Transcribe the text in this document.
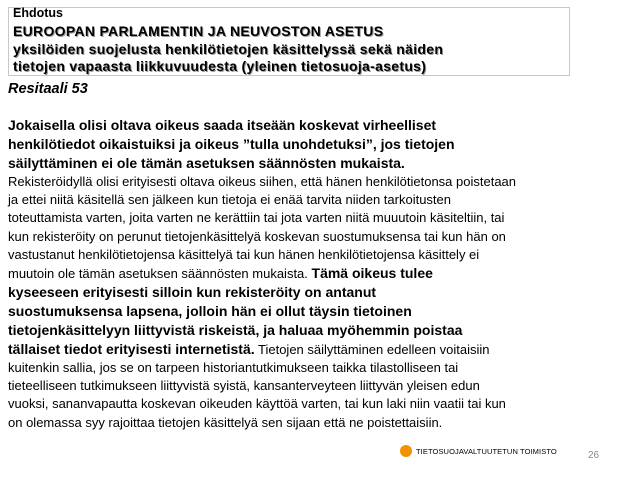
Ehdotus
EUROOPAN PARLAMENTIN JA NEUVOSTON ASETUS
yksilöiden suojelusta henkilötietojen käsittelyssä sekä näiden
tietojen vapaasta liikkuvuudesta (yleinen tietosuoja-asetus)
Resitaali 53
Jokaisella olisi oltava oikeus saada itseään koskevat virheelliset
henkilötiedot oikaistuiksi ja oikeus ”tulla unohdetuksi”, jos tietojen
säilyttäminen ei ole tämän asetuksen säännösten mukaista.
Rekisteröidyllä olisi erityisesti oltava oikeus siihen, että hänen henkilötietonsa poistetaan
ja ettei niitä käsitellä sen jälkeen kun tietoja ei enää tarvita niiden tarkoitusten
toteuttamista varten, joita varten ne kerättiin tai jota varten niitä muuutoin käsiteltiin, tai
kun rekisteröity on perunut tietojenkäsittelyä koskevan suostumuksensa tai kun hän on
vastustanut henkilötietojensa käsittelyä tai kun hänen henkilötietojensa käsittely ei
muutoin ole tämän asetuksen säännösten mukaista. Tämä oikeus tulee
kyseeseen erityisesti silloin kun rekisteröity on antanut
suostumuksensa lapsena, jolloin hän ei ollut täysin tietoinen
tietojenkäsittelyyn liittyvistä riskeistä, ja haluaa myöhemmin poistaa
tällaiset tiedot erityisesti internetistä. Tietojen säilyttäminen edelleen voitaisiin
kuitenkin sallia, jos se on tarpeen historiantutkimukseen taikka tilastolliseen tai
tieteelliseen tutkimukseen liittyvistä syistä, kansanterveyteen liittyvän yleisen edun
vuoksi, sananvapautta koskevan oikeuden käyttöä varten, tai kun laki niin vaatii tai kun
on olemassa syy rajoittaa tietojen käsittelyä sen sijaan että ne poistettaisiin.
TIETOSUOJAVALTUUTETUN TOIMISTO	26
